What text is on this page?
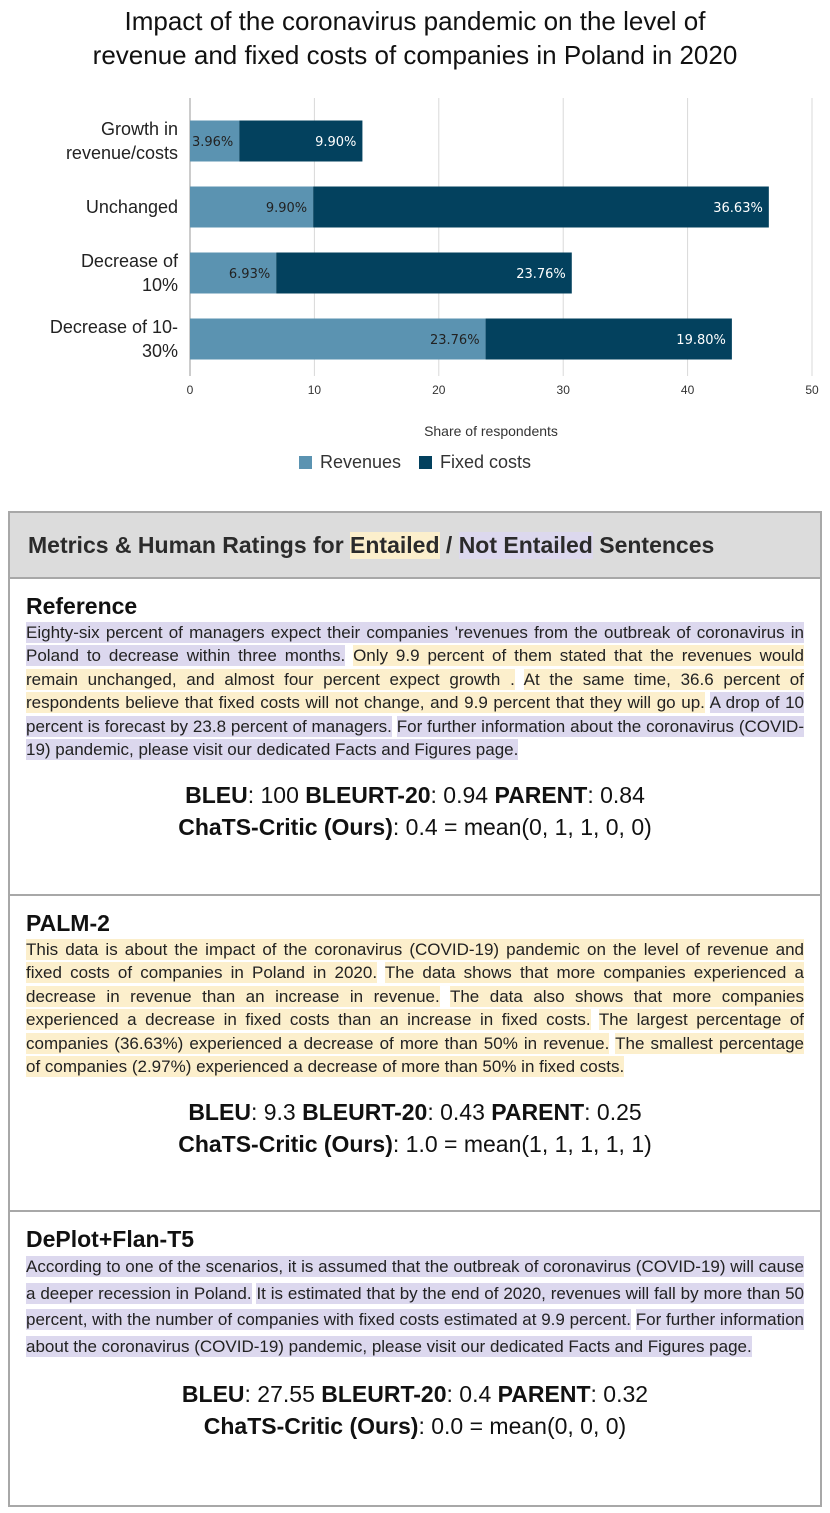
Impact of the coronavirus pandemic on the level of
revenue and fixed costs of companies in Poland in 2020
0	10	20	30	40	50
Share of respondents
Growth in revenue/costs
3.96%	9.90%
Unchanged	9.90%	36.63%
Decrease of 10%
6.93%	23.76%
Decrease of 10-30%
23.76%	19.80%
Revenues Fixed costs
Metrics & Human Ratings for Entailed / Not Entailed Sentences
Reference

Eighty-six percent of managers expect their companies 'revenues from the outbreak of coronavirus in Poland to decrease within three months. Only 9.9 percent of them stated that the revenues would remain unchanged, and almost four percent expect growth . At the same time, 36.6 percent of respondents believe that fixed costs will not change, and 9.9 percent that they will go up. A drop of 10 percent is forecast by 23.8 percent of managers. For further information about the coronavirus (COVID-19) pandemic, please visit our dedicated Facts and Figures page.

BLEU: 100 BLEURT-20: 0.94 PARENT: 0.84
ChaTS-Critic (Ours): 0.4 = mean(0, 1, 1, 0, 0)
PALM-2

This data is about the impact of the coronavirus (COVID-19) pandemic on the level of revenue and fixed costs of companies in Poland in 2020. The data shows that more companies experienced a decrease in revenue than an increase in revenue. The data also shows that more companies experienced a decrease in fixed costs than an increase in fixed costs. The largest percentage of companies (36.63%) experienced a decrease of more than 50% in revenue. The smallest percentage of companies (2.97%) experienced a decrease of more than 50% in fixed costs.

BLEU: 9.3 BLEURT-20: 0.43 PARENT: 0.25
ChaTS-Critic (Ours): 1.0 = mean(1, 1, 1, 1, 1)
DePlot+Flan-T5

According to one of the scenarios, it is assumed that the outbreak of coronavirus (COVID-19) will cause a deeper recession in Poland. It is estimated that by the end of 2020, revenues will fall by more than 50 percent, with the number of companies with fixed costs estimated at 9.9 percent. For further information about the coronavirus (COVID-19) pandemic, please visit our dedicated Facts and Figures page.

BLEU: 27.55 BLEURT-20: 0.4 PARENT: 0.32
ChaTS-Critic (Ours): 0.0 = mean(0, 0, 0)
